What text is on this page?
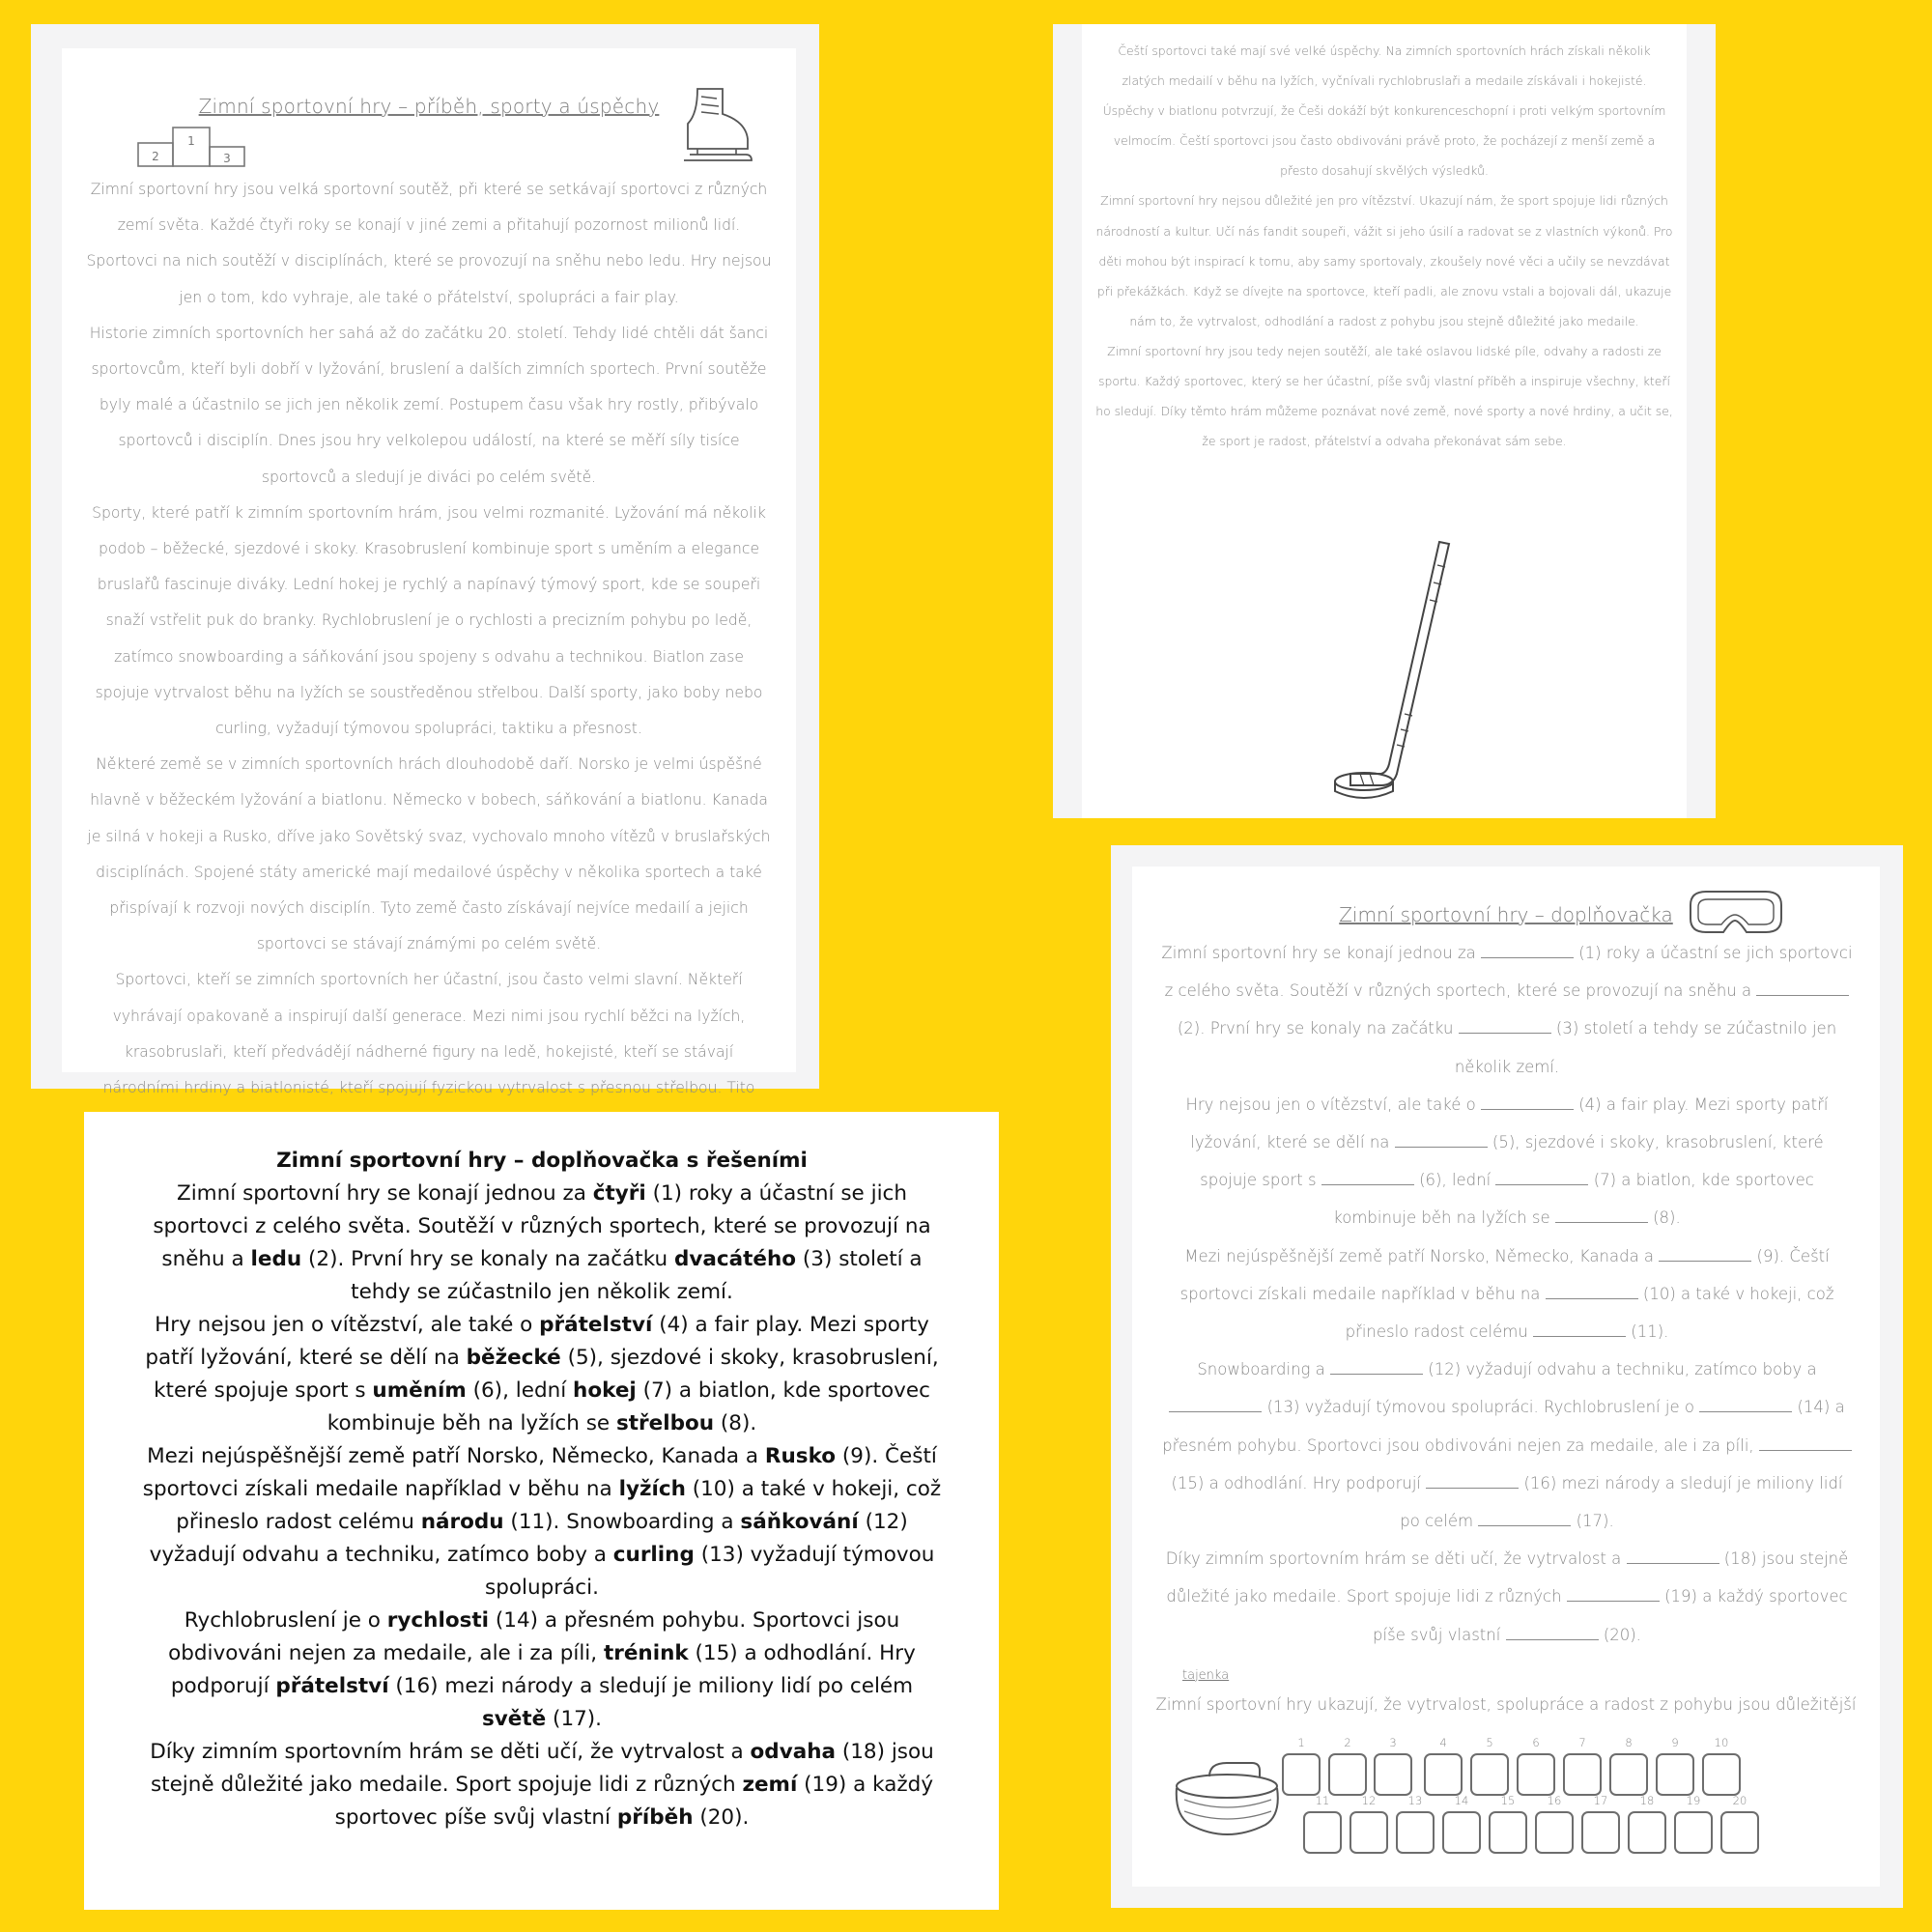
2
1
3
Zimní sportovní hry – příběh, sporty a úspěchy
Zimní sportovní hry jsou velká sportovní soutěž, při které se setkávají sportovci z různých zemí světa. Každé čtyři roky se konají v jiné zemi a přitahují pozornost milionů lidí. Sportovci na nich soutěží v disciplínách, které se provozují na sněhu nebo ledu. Hry nejsou jen o tom, kdo vyhraje, ale také o přátelství, spolupráci a fair play.
Historie zimních sportovních her sahá až do začátku 20. století. Tehdy lidé chtěli dát šanci sportovcům, kteří byli dobří v lyžování, bruslení a dalších zimních sportech. První soutěže byly malé a účastnilo se jich jen několik zemí. Postupem času však hry rostly, přibývalo sportovců i disciplín. Dnes jsou hry velkolepou událostí, na které se měří síly tisíce sportovců a sledují je diváci po celém světě.
Sporty, které patří k zimním sportovním hrám, jsou velmi rozmanité. Lyžování má několik podob – běžecké, sjezdové i skoky. Krasobruslení kombinuje sport s uměním a elegance bruslařů fascinuje diváky. Lední hokej je rychlý a napínavý týmový sport, kde se soupeři snaží vstřelit puk do branky. Rychlobruslení je o rychlosti a precizním pohybu po ledě, zatímco snowboarding a sáňkování jsou spojeny s odvahu a technikou. Biatlon zase spojuje vytrvalost běhu na lyžích se soustředěnou střelbou. Další sporty, jako boby nebo curling, vyžadují týmovou spolupráci, taktiku a přesnost.
Některé země se v zimních sportovních hrách dlouhodobě daří. Norsko je velmi úspěšné hlavně v běžeckém lyžování a biatlonu. Německo v bobech, sáňkování a biatlonu. Kanada je silná v hokeji a Rusko, dříve jako Sovětský svaz, vychovalo mnoho vítězů v bruslařských disciplínách. Spojené státy americké mají medailové úspěchy v několika sportech a také přispívají k rozvoji nových disciplín. Tyto země často získávají nejvíce medailí a jejich sportovci se stávají známými po celém světě.
Sportovci, kteří se zimních sportovních her účastní, jsou často velmi slavní. Někteří vyhrávají opakovaně a inspirují další generace. Mezi nimi jsou rychlí běžci na lyžích, krasobruslaři, kteří předvádějí nádherné figury na ledě, hokejisté, kteří se stávají národními hrdiny a biatlonisté, kteří spojují fyzickou vytrvalost s přesnou střelbou. Tito
Čeští sportovci také mají své velké úspěchy. Na zimních sportovních hrách získali několik zlatých medailí v běhu na lyžích, vyčnívali rychlobruslaři a medaile získávali i hokejisté. Úspěchy v biatlonu potvrzují, že Češi dokáží být konkurenceschopní i proti velkým sportovním velmocím. Čeští sportovci jsou často obdivováni právě proto, že pocházejí z menší země a přesto dosahují skvělých výsledků.
Zimní sportovní hry nejsou důležité jen pro vítězství. Ukazují nám, že sport spojuje lidi různých národností a kultur. Učí nás fandit soupeři, vážit si jeho úsilí a radovat se z vlastních výkonů. Pro děti mohou být inspirací k tomu, aby samy sportovaly, zkoušely nové věci a učily se nevzdávat při překážkách. Když se dívejte na sportovce, kteří padli, ale znovu vstali a bojovali dál, ukazuje nám to, že vytrvalost, odhodlání a radost z pohybu jsou stejně důležité jako medaile.
Zimní sportovní hry jsou tedy nejen soutěží, ale také oslavou lidské píle, odvahy a radosti ze sportu. Každý sportovec, který se her účastní, píše svůj vlastní příběh a inspiruje všechny, kteří ho sledují. Díky těmto hrám můžeme poznávat nové země, nové sporty a nové hrdiny, a učit se, že sport je radost, přátelství a odvaha překonávat sám sebe.
Zimní sportovní hry – doplňovačka s řešeními
Zimní sportovní hry se konají jednou za čtyři (1) roky a účastní se jich sportovci z celého světa. Soutěží v různých sportech, které se provozují na sněhu a ledu (2). První hry se konaly na začátku dvacátého (3) století a tehdy se zúčastnilo jen několik zemí.
Hry nejsou jen o vítězství, ale také o přátelství (4) a fair play. Mezi sporty patří lyžování, které se dělí na běžecké (5), sjezdové i skoky, krasobruslení, které spojuje sport s uměním (6), lední hokej (7) a biatlon, kde sportovec kombinuje běh na lyžích se střelbou (8).
Mezi nejúspěšnější země patří Norsko, Německo, Kanada a Rusko (9). Čeští sportovci získali medaile například v běhu na lyžích (10) a také v hokeji, což přineslo radost celému národu (11). Snowboarding a sáňkování (12) vyžadují odvahu a techniku, zatímco boby a curling (13) vyžadují týmovou spolupráci.
Rychlobruslení je o rychlosti (14) a přesném pohybu. Sportovci jsou obdivováni nejen za medaile, ale i za píli, trénink (15) a odhodlání. Hry podporují přátelství (16) mezi národy a sledují je miliony lidí po celém světě (17).
Díky zimním sportovním hrám se děti učí, že vytrvalost a odvaha (18) jsou stejně důležité jako medaile. Sport spojuje lidi z různých zemí (19) a každý sportovec píše svůj vlastní příběh (20).
Zimní sportovní hry – doplňovačka
Zimní sportovní hry se konají jednou za	(1) roky a účastní se jich sportovci z celého světa. Soutěží v různých sportech, které se provozují na sněhu a  (2). První hry se konaly na začátku	(3) století a tehdy se zúčastnilo jen několik zemí.
Hry nejsou jen o vítězství, ale také o	(4) a fair play. Mezi sporty patří lyžování, které se dělí na	(5), sjezdové i skoky, krasobruslení, které spojuje sport s	(6), lední	(7) a biatlon, kde sportovec kombinuje běh na lyžích se	(8).
Mezi nejúspěšnější země patří Norsko, Německo, Kanada a	(9). Čeští sportovci získali medaile například v běhu na	(10) a také v hokeji, což přineslo radost celému	(11).
Snowboarding a	(12) vyžadují odvahu a techniku, zatímco boby a  (13) vyžadují týmovou spolupráci. Rychlobruslení je o	(14) a přesném pohybu. Sportovci jsou obdivováni nejen za medaile, ale i za píli,  (15) a odhodlání. Hry podporují	(16) mezi národy a sledují je miliony lidí po celém	(17).
Díky zimním sportovním hrám se děti učí, že vytrvalost a	(18) jsou stejně důležité jako medaile. Sport spojuje lidi z různých	(19) a každý sportovec píše svůj vlastní	(20).
tajenka
Zimní sportovní hry ukazují, že vytrvalost, spolupráce a radost z pohybu jsou důležitější
1	2	3	4	5	6	7	8	9	10
11	12	13	14	15	16	17	18	19	20
